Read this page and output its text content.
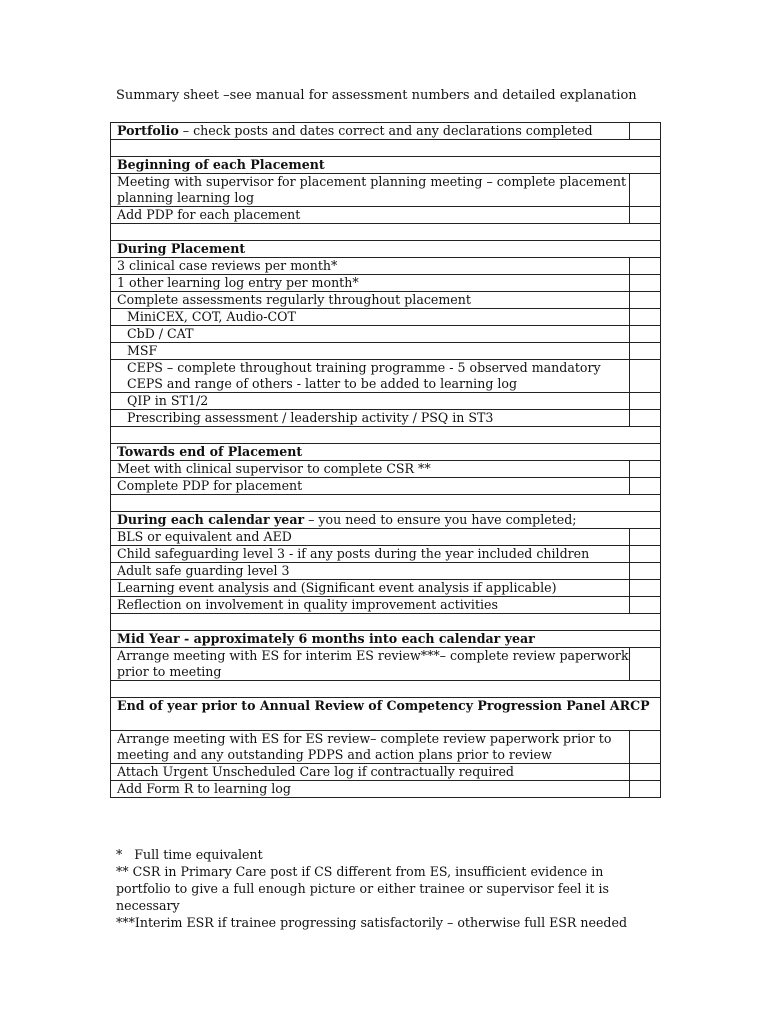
Summary sheet –see manual for assessment numbers and detailed explanation
Portfolio – check posts and dates correct and any declarations completed	

Beginning of each Placement	
Meeting with supervisor for placement planning meeting – complete placement planning learning log	
Add PDP for each placement	

During Placement	
3 clinical case reviews per month*	
1 other learning log entry per month*	
Complete assessments regularly throughout placement	
MiniCEX, COT, Audio-COT	
CbD / CAT	
MSF	
CEPS – complete throughout training programme - 5 observed mandatory CEPS and range of others - latter to be added to learning log	
QIP in ST1/2	
Prescribing assessment / leadership activity / PSQ in ST3	

Towards end of Placement	
Meet with clinical supervisor to complete CSR **	
Complete PDP for placement	

During each calendar year – you need to ensure you have completed;	
BLS or equivalent and AED	
Child safeguarding level 3 - if any posts during the year included children	
Adult safe guarding level 3	
Learning event analysis and (Significant event analysis if applicable)	
Reflection on involvement in quality improvement activities	

Mid Year - approximately 6 months into each calendar year	
Arrange meeting with ES for interim ES review***– complete review paperwork prior to meeting	

End of year prior to Annual Review of Competency Progression Panel ARCP	
Arrange meeting with ES for ES review– complete review paperwork prior to meeting and any outstanding PDPS and action plans prior to review	
Attach Urgent Unscheduled Care log if contractually required	
Add Form R to learning log	
*   Full time equivalent
** CSR in Primary Care post if CS different from ES, insufficient evidence in portfolio to give a full enough picture or either trainee or supervisor feel it is necessary
***Interim ESR if trainee progressing satisfactorily – otherwise full ESR needed
